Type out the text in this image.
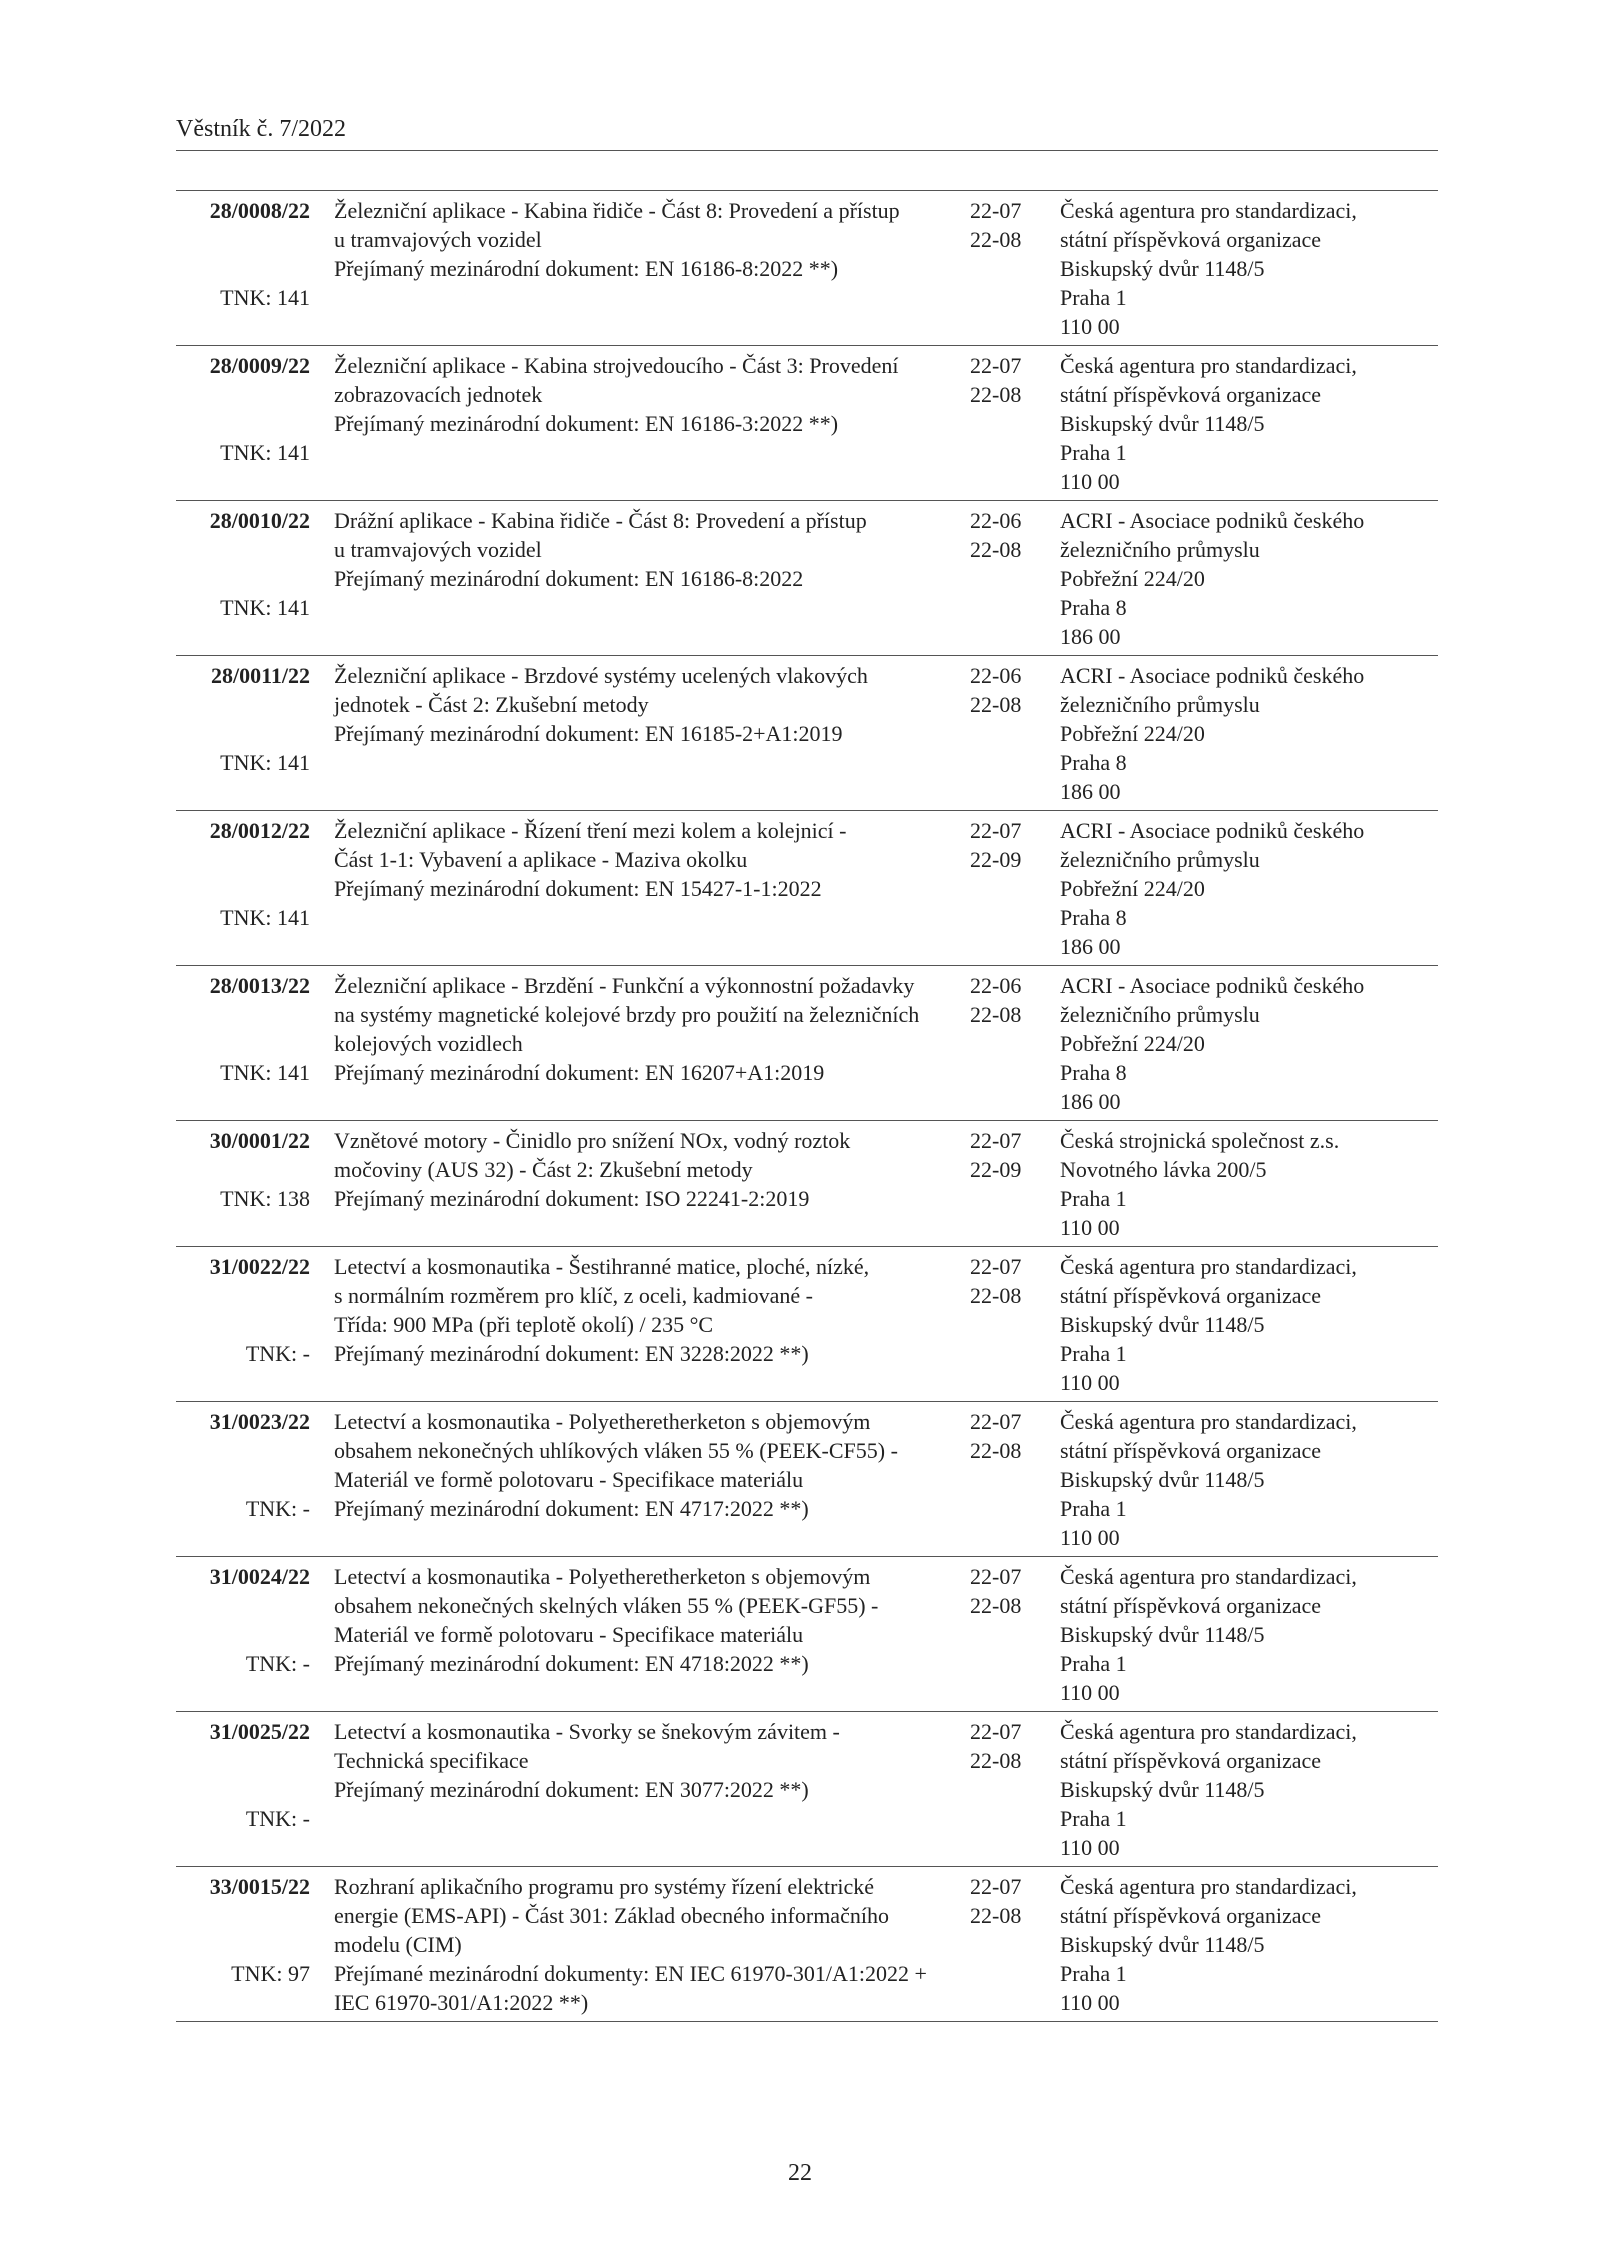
Věstník č. 7/2022
28/0008/22
TNK: 141
Železniční aplikace - Kabina řidiče - Část 8: Provedení a přístup
u tramvajových vozidel
Přejímaný mezinárodní dokument: EN 16186-8:2022 **)
22-07
22-08
Česká agentura pro standardizaci,
státní příspěvková organizace
Biskupský dvůr 1148/5
Praha 1
110 00
28/0009/22
TNK: 141
Železniční aplikace - Kabina strojvedoucího - Část 3: Provedení
zobrazovacích jednotek
Přejímaný mezinárodní dokument: EN 16186-3:2022 **)
22-07
22-08
Česká agentura pro standardizaci,
státní příspěvková organizace
Biskupský dvůr 1148/5
Praha 1
110 00
28/0010/22
TNK: 141
Drážní aplikace - Kabina řidiče - Část 8: Provedení a přístup
u tramvajových vozidel
Přejímaný mezinárodní dokument: EN 16186-8:2022
22-06
22-08
ACRI - Asociace podniků českého
železničního průmyslu
Pobřežní 224/20
Praha 8
186 00
28/0011/22
TNK: 141
Železniční aplikace - Brzdové systémy ucelených vlakových
jednotek - Část 2: Zkušební metody
Přejímaný mezinárodní dokument: EN 16185-2+A1:2019
22-06
22-08
ACRI - Asociace podniků českého
železničního průmyslu
Pobřežní 224/20
Praha 8
186 00
28/0012/22
TNK: 141
Železniční aplikace - Řízení tření mezi kolem a kolejnicí -
Část 1-1: Vybavení a aplikace - Maziva okolku
Přejímaný mezinárodní dokument: EN 15427-1-1:2022
22-07
22-09
ACRI - Asociace podniků českého
železničního průmyslu
Pobřežní 224/20
Praha 8
186 00
28/0013/22
TNK: 141
Železniční aplikace - Brzdění - Funkční a výkonnostní požadavky
na systémy magnetické kolejové brzdy pro použití na železničních
kolejových vozidlech
Přejímaný mezinárodní dokument: EN 16207+A1:2019
22-06
22-08
ACRI - Asociace podniků českého
železničního průmyslu
Pobřežní 224/20
Praha 8
186 00
30/0001/22
TNK: 138
Vznětové motory - Činidlo pro snížení NOx, vodný roztok
močoviny (AUS 32) - Část 2: Zkušební metody
Přejímaný mezinárodní dokument: ISO 22241-2:2019
22-07
22-09
Česká strojnická společnost z.s.
Novotného lávka 200/5
Praha 1
110 00
31/0022/22
TNK: -
Letectví a kosmonautika - Šestihranné matice, ploché, nízké,
s normálním rozměrem pro klíč, z oceli, kadmiované -
Třída: 900 MPa (při teplotě okolí) / 235 °C
Přejímaný mezinárodní dokument: EN 3228:2022 **)
22-07
22-08
Česká agentura pro standardizaci,
státní příspěvková organizace
Biskupský dvůr 1148/5
Praha 1
110 00
31/0023/22
TNK: -
Letectví a kosmonautika - Polyetheretherketon s objemovým
obsahem nekonečných uhlíkových vláken 55 % (PEEK-CF55) -
Materiál ve formě polotovaru - Specifikace materiálu
Přejímaný mezinárodní dokument: EN 4717:2022 **)
22-07
22-08
Česká agentura pro standardizaci,
státní příspěvková organizace
Biskupský dvůr 1148/5
Praha 1
110 00
31/0024/22
TNK: -
Letectví a kosmonautika - Polyetheretherketon s objemovým
obsahem nekonečných skelných vláken 55 % (PEEK-GF55) -
Materiál ve formě polotovaru - Specifikace materiálu
Přejímaný mezinárodní dokument: EN 4718:2022 **)
22-07
22-08
Česká agentura pro standardizaci,
státní příspěvková organizace
Biskupský dvůr 1148/5
Praha 1
110 00
31/0025/22
TNK: -
Letectví a kosmonautika - Svorky se šnekovým závitem -
Technická specifikace
Přejímaný mezinárodní dokument: EN 3077:2022 **)
22-07
22-08
Česká agentura pro standardizaci,
státní příspěvková organizace
Biskupský dvůr 1148/5
Praha 1
110 00
33/0015/22
TNK: 97
Rozhraní aplikačního programu pro systémy řízení elektrické
energie (EMS-API) - Část 301: Základ obecného informačního
modelu (CIM)
Přejímané mezinárodní dokumenty: EN IEC 61970-301/A1:2022 +
IEC 61970-301/A1:2022 **)
22-07
22-08
Česká agentura pro standardizaci,
státní příspěvková organizace
Biskupský dvůr 1148/5
Praha 1
110 00
22
